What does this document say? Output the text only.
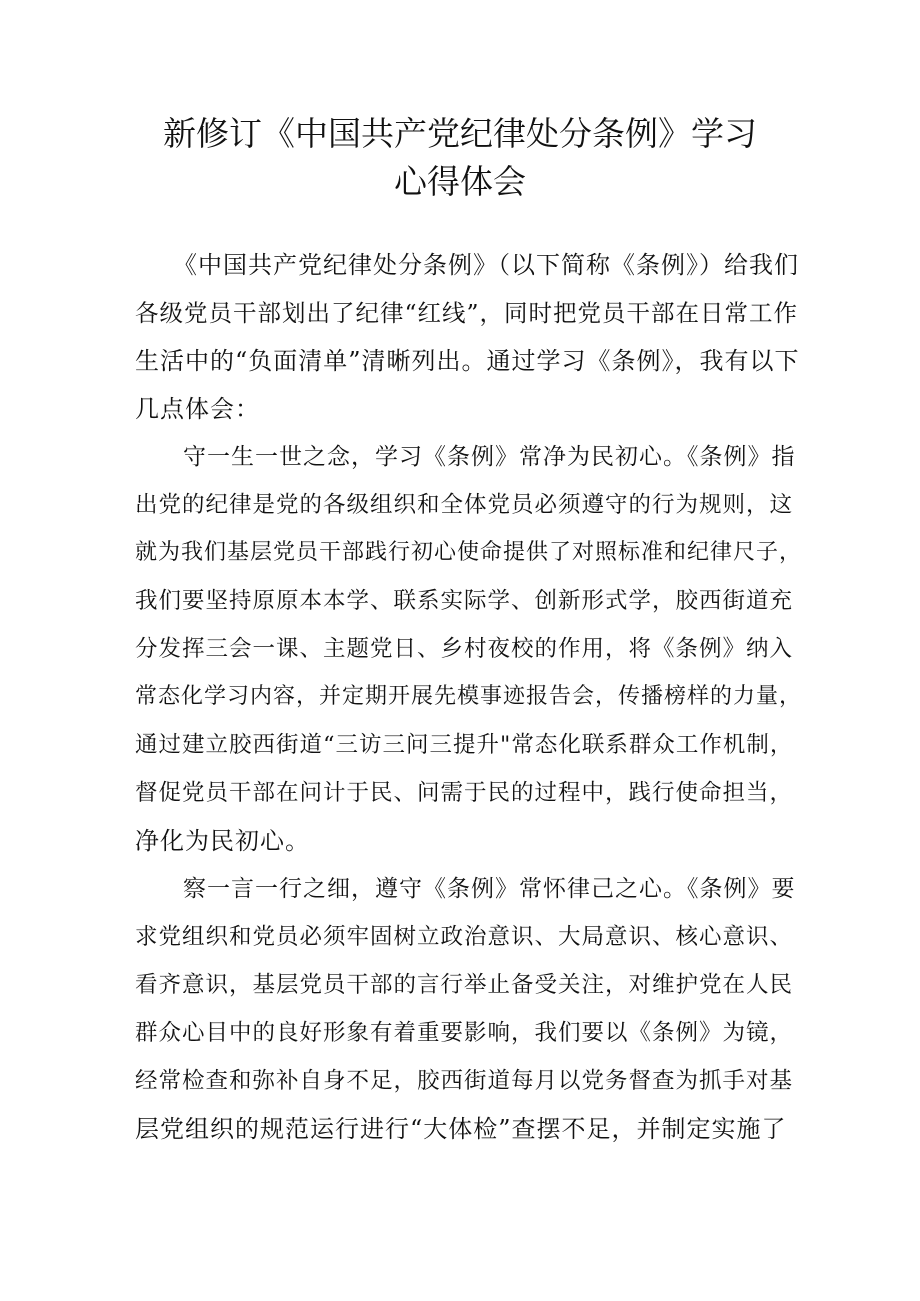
新修订《中国共产党纪律处分条例》学习
心得体会

　　《中国共产党纪律处分条例》（以下简称《条例》）给我们

各级党员干部划出了纪律“红线”，同时把党员干部在日常工作

生活中的“负面清单”清晰列出。通过学习《条例》，我有以下

几点体会：

　　守一生一世之念，学习《条例》常净为民初心。《条例》指

出党的纪律是党的各级组织和全体党员必须遵守的行为规则，这

就为我们基层党员干部践行初心使命提供了对照标准和纪律尺子，

我们要坚持原原本本学、联系实际学、创新形式学，胶西街道充

分发挥三会一课、主题党日、乡村夜校的作用，将《条例》纳入

常态化学习内容，并定期开展先模事迹报告会，传播榜样的力量，

通过建立胶西街道“三访三问三提升"常态化联系群众工作机制，

督促党员干部在问计于民、问需于民的过程中，践行使命担当，

净化为民初心。

　　察一言一行之细，遵守《条例》常怀律己之心。《条例》要

求党组织和党员必须牢固树立政治意识、大局意识、核心意识、

看齐意识，基层党员干部的言行举止备受关注，对维护党在人民

群众心目中的良好形象有着重要影响，我们要以《条例》为镜，

经常检查和弥补自身不足，胶西街道每月以党务督查为抓手对基

层党组织的规范运行进行“大体检”查摆不足，并制定实施了
